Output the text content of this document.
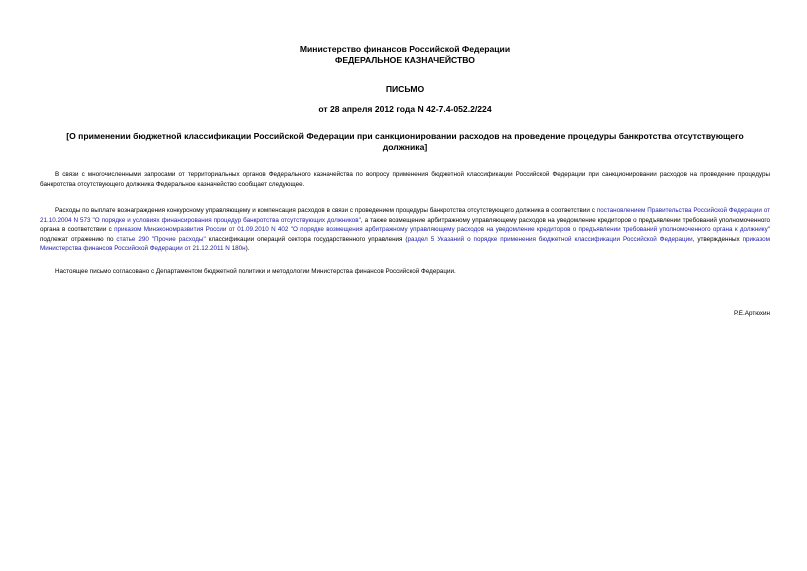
Министерство финансов Российской Федерации
ФЕДЕРАЛЬНОЕ КАЗНАЧЕЙСТВО
ПИСЬМО
от 28 апреля 2012 года N 42-7.4-052.2/224
[О применении бюджетной классификации Российской Федерации при санкционировании расходов на проведение процедуры банкротства отсутствующего должника]

В связи с многочисленными запросами от территориальных органов Федерального казначейства по вопросу применения бюджетной классификации Российской Федерации при санкционировании расходов на проведение процедуры банкротства отсутствующего должника Федеральное казначейство сообщает следующее.

Расходы по выплате вознаграждения конкурсному управляющему и компенсация расходов в связи с проведением процедуры банкротства отсутствующего должника в соответствии с постановлением Правительства Российской Федерации от 21.10.2004 N 573 "О порядке и условиях финансирования процедур банкротства отсутствующих должников", а также возмещение арбитражному управляющему расходов на уведомление кредиторов о предъявлении требований уполномоченного органа в соответствии с приказом Минэкономразвития России от 01.09.2010 N 402 "О порядке возмещения арбитражному управляющему расходов на уведомление кредиторов о предъявлении требований уполномоченного органа к должнику" подлежат отражению по статье 290 "Прочие расходы" классификации операций сектора государственного управления (раздел 5 Указаний о порядке применения бюджетной классификации Российской Федерации, утвержденных приказом Министерства финансов Российской Федерации от 21.12.2011 N 180н).

Настоящее письмо согласовано с Департаментом бюджетной политики и методологии Министерства финансов Российской Федерации.

Р.Е.Артюхин
